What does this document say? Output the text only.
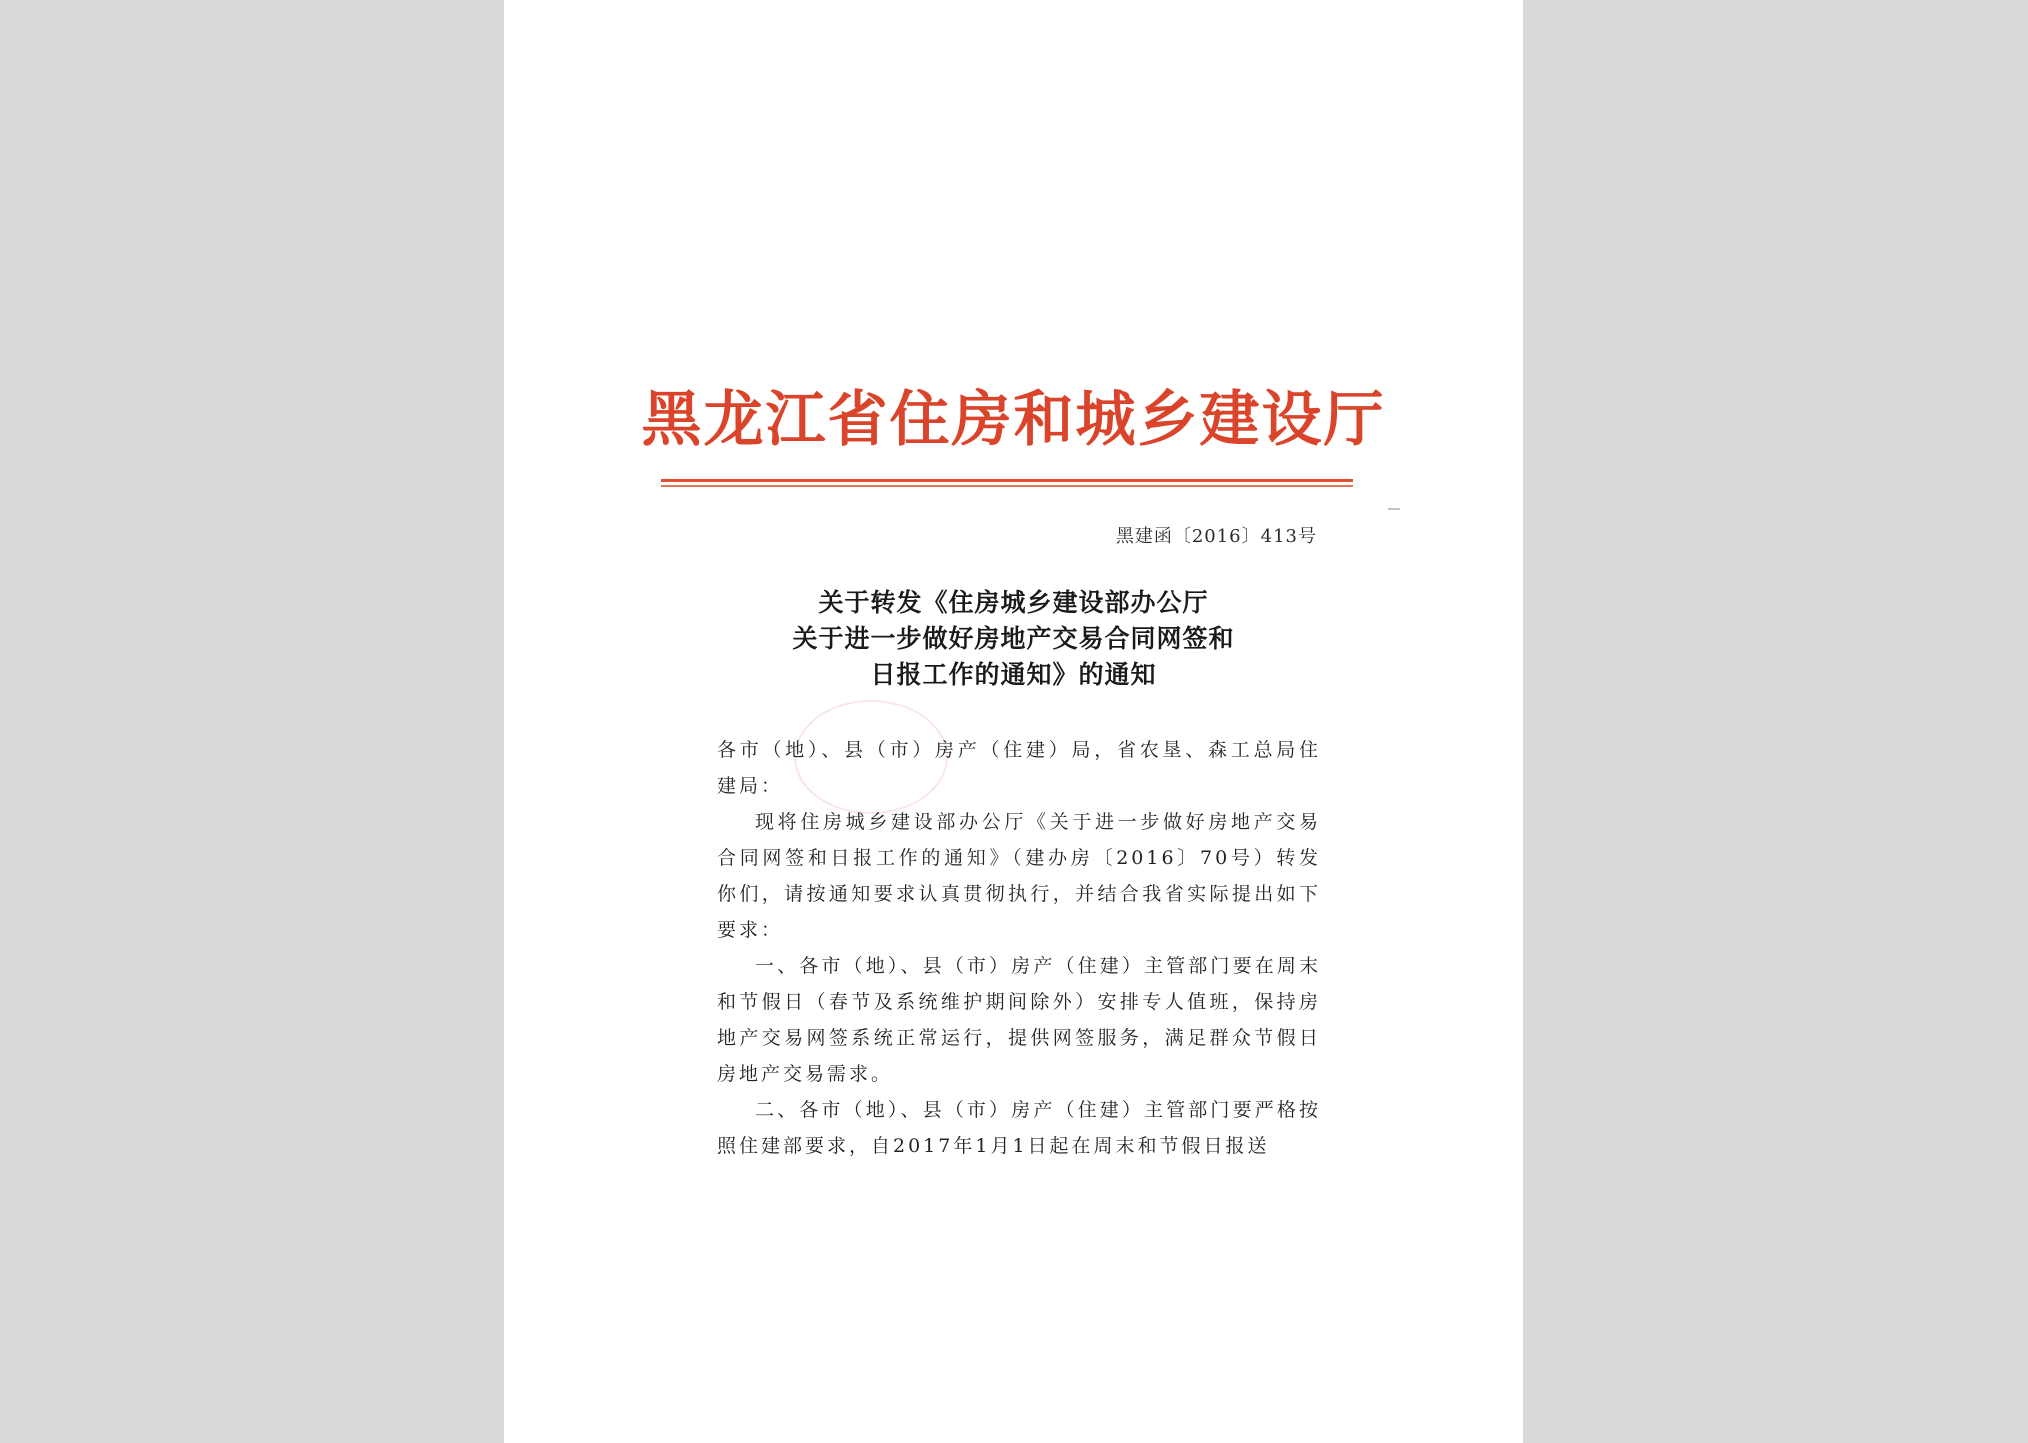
黑龙江省住房和城乡建设厅
黑建函〔2016〕413号
关于转发《住房城乡建设部办公厅
关于进一步做好房地产交易合同网签和
日报工作的通知》的通知

各市（地）、县（市）房产（住建）局，省农垦、森工总局住建局：

现将住房城乡建设部办公厅《关于进一步做好房地产交易合同网签和日报工作的通知》（建办房〔2016〕70号）转发你们，请按通知要求认真贯彻执行，并结合我省实际提出如下要求：

一、各市（地）、县（市）房产（住建）主管部门要在周末和节假日（春节及系统维护期间除外）安排专人值班，保持房地产交易网签系统正常运行，提供网签服务，满足群众节假日房地产交易需求。

二、各市（地）、县（市）房产（住建）主管部门要严格按照住建部要求，自2017年1月1日起在周末和节假日报送
